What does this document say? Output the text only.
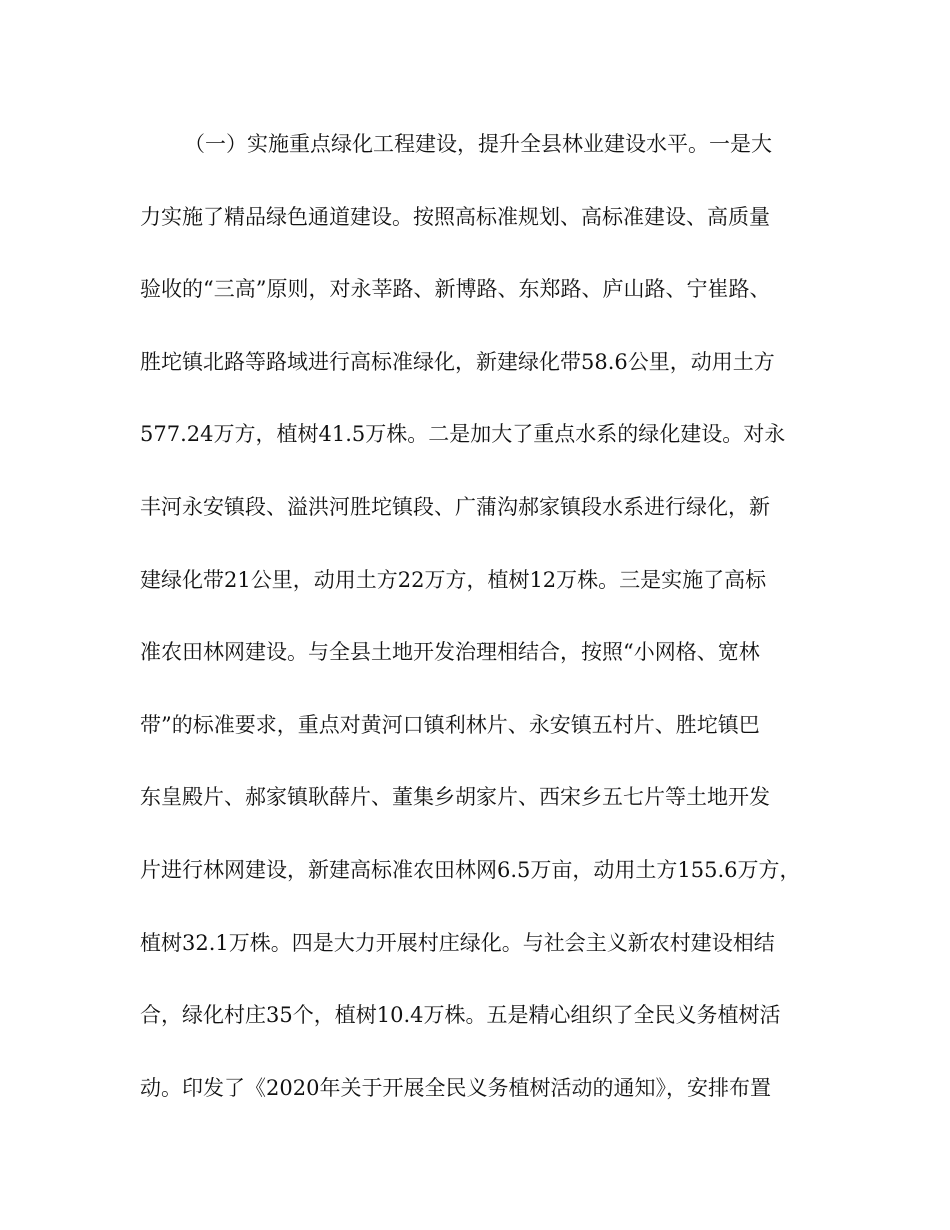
（一）实施重点绿化工程建设，提升全县林业建设水平。一是大
力实施了精品绿色通道建设。按照高标准规划、高标准建设、高质量
验收的“三高”原则，对永莘路、新博路、东郑路、庐山路、宁崔路、
胜坨镇北路等路域进行高标准绿化，新建绿化带58.6公里，动用土方
577.24万方，植树41.5万株。二是加大了重点水系的绿化建设。对永
丰河永安镇段、溢洪河胜坨镇段、广蒲沟郝家镇段水系进行绿化，新
建绿化带21公里，动用土方22万方，植树12万株。三是实施了高标
准农田林网建设。与全县土地开发治理相结合，按照“小网格、宽林
带”的标准要求，重点对黄河口镇利林片、永安镇五村片、胜坨镇巴
东皇殿片、郝家镇耿薛片、董集乡胡家片、西宋乡五七片等土地开发
片进行林网建设，新建高标准农田林网6.5万亩，动用土方155.6万方，
植树32.1万株。四是大力开展村庄绿化。与社会主义新农村建设相结
合，绿化村庄35个，植树10.4万株。五是精心组织了全民义务植树活
动。印发了《2020年关于开展全民义务植树活动的通知》，安排布置
